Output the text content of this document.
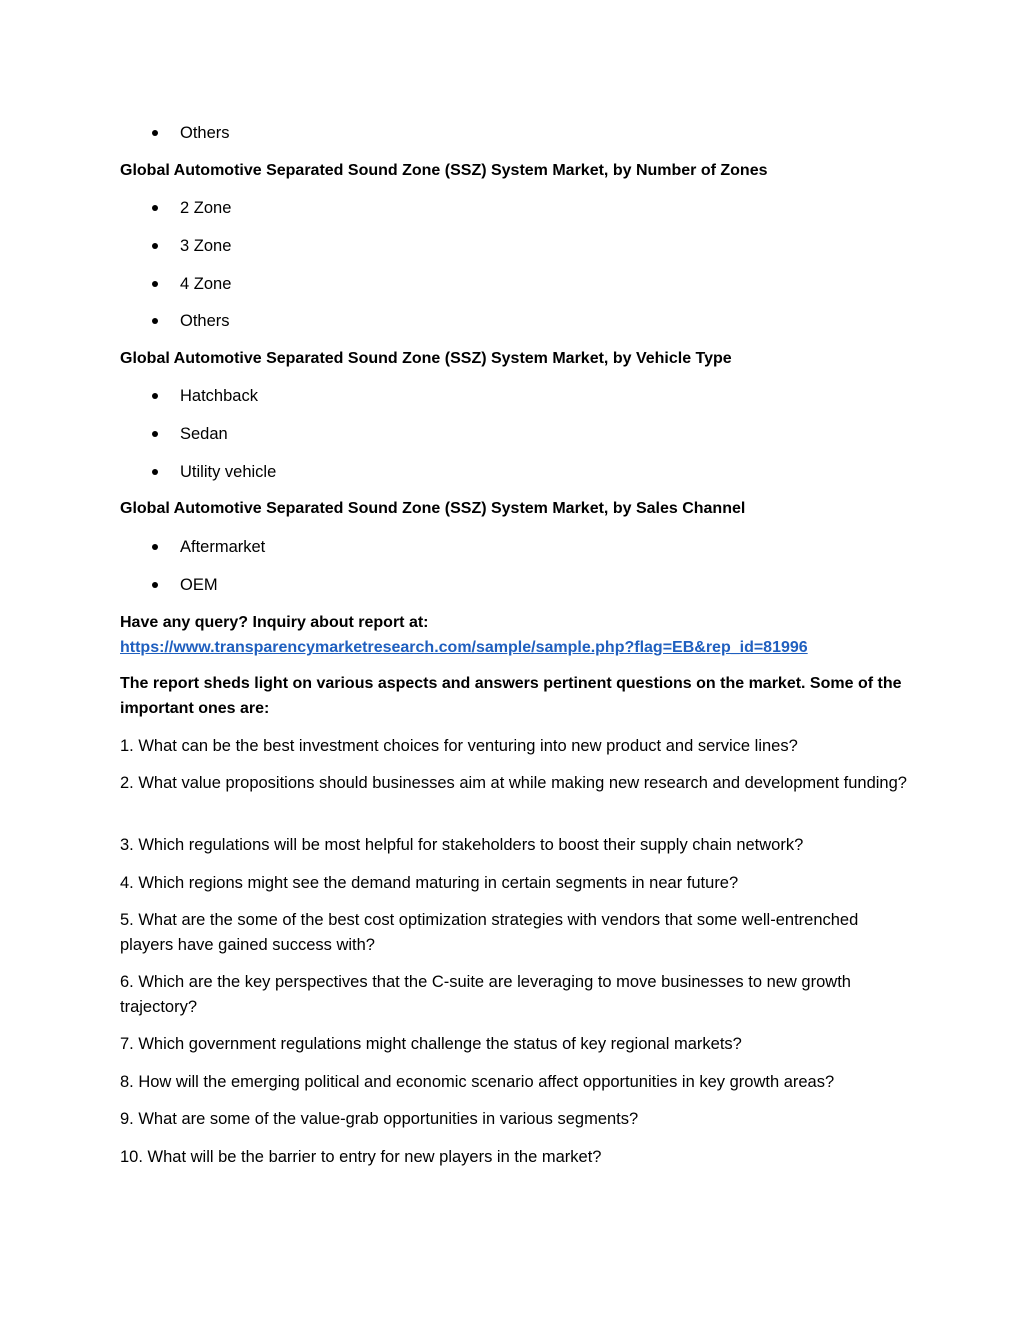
Others
Global Automotive Separated Sound Zone (SSZ) System Market, by Number of Zones
2 Zone
3 Zone
4 Zone
Others
Global Automotive Separated Sound Zone (SSZ) System Market, by Vehicle Type
Hatchback
Sedan
Utility vehicle
Global Automotive Separated Sound Zone (SSZ) System Market, by Sales Channel
Aftermarket
OEM
Have any query? Inquiry about report at:
https://www.transparencymarketresearch.com/sample/sample.php?flag=EB&rep_id=81996
The report sheds light on various aspects and answers pertinent questions on the market. Some of the important ones are:
1. What can be the best investment choices for venturing into new product and service lines?
2. What value propositions should businesses aim at while making new research and development funding?
3. Which regulations will be most helpful for stakeholders to boost their supply chain network?
4. Which regions might see the demand maturing in certain segments in near future?
5. What are the some of the best cost optimization strategies with vendors that some well-entrenched players have gained success with?
6. Which are the key perspectives that the C-suite are leveraging to move businesses to new growth trajectory?
7. Which government regulations might challenge the status of key regional markets?
8. How will the emerging political and economic scenario affect opportunities in key growth areas?
9. What are some of the value-grab opportunities in various segments?
10. What will be the barrier to entry for new players in the market?
